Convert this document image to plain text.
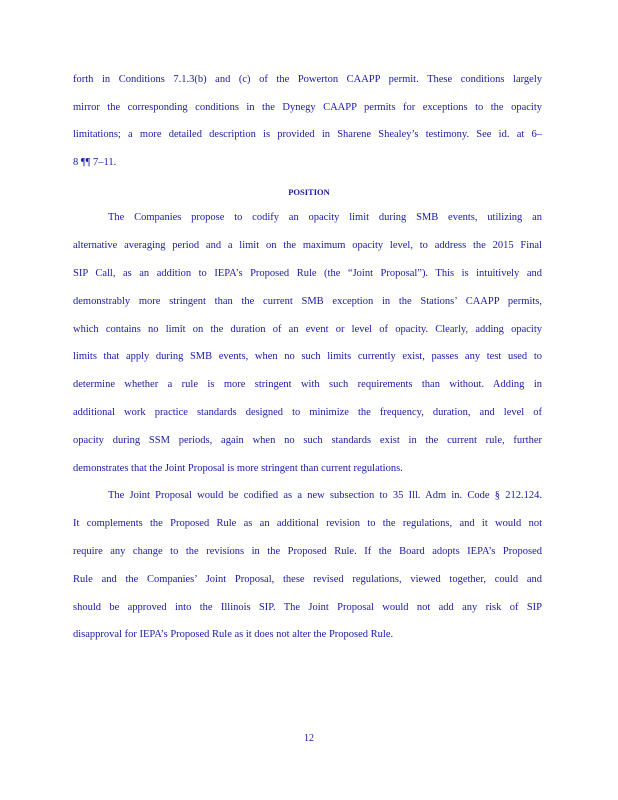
forth in Conditions 7.1.3(b) and (c) of the Powerton CAAPP permit. These conditions largely
mirror the corresponding conditions in the Dynegy CAAPP permits for exceptions to the opacity
limitations; a more detailed description is provided in Sharene Shealey’s testimony. See id. at 6–
8 ¶¶ 7–11.
POSITION
The Companies propose to codify an opacity limit during SMB events, utilizing an
alternative averaging period and a limit on the maximum opacity level, to address the 2015 Final
SIP Call, as an addition to IEPA’s Proposed Rule (the “Joint Proposal”). This is intuitively and
demonstrably more stringent than the current SMB exception in the Stations’ CAAPP permits,
which contains no limit on the duration of an event or level of opacity. Clearly, adding opacity
limits that apply during SMB events, when no such limits currently exist, passes any test used to
determine whether a rule is more stringent with such requirements than without. Adding in
additional work practice standards designed to minimize the frequency, duration, and level of
opacity during SSM periods, again when no such standards exist in the current rule, further
demonstrates that the Joint Proposal is more stringent than current regulations.
The Joint Proposal would be codified as a new subsection to 35 Ill. Adm in. Code § 212.124.
It complements the Proposed Rule as an additional revision to the regulations, and it would not
require any change to the revisions in the Proposed Rule. If the Board adopts IEPA’s Proposed
Rule and the Companies’ Joint Proposal, these revised regulations, viewed together, could and
should be approved into the Illinois SIP. The Joint Proposal would not add any risk of SIP
disapproval for IEPA’s Proposed Rule as it does not alter the Proposed Rule.
12
